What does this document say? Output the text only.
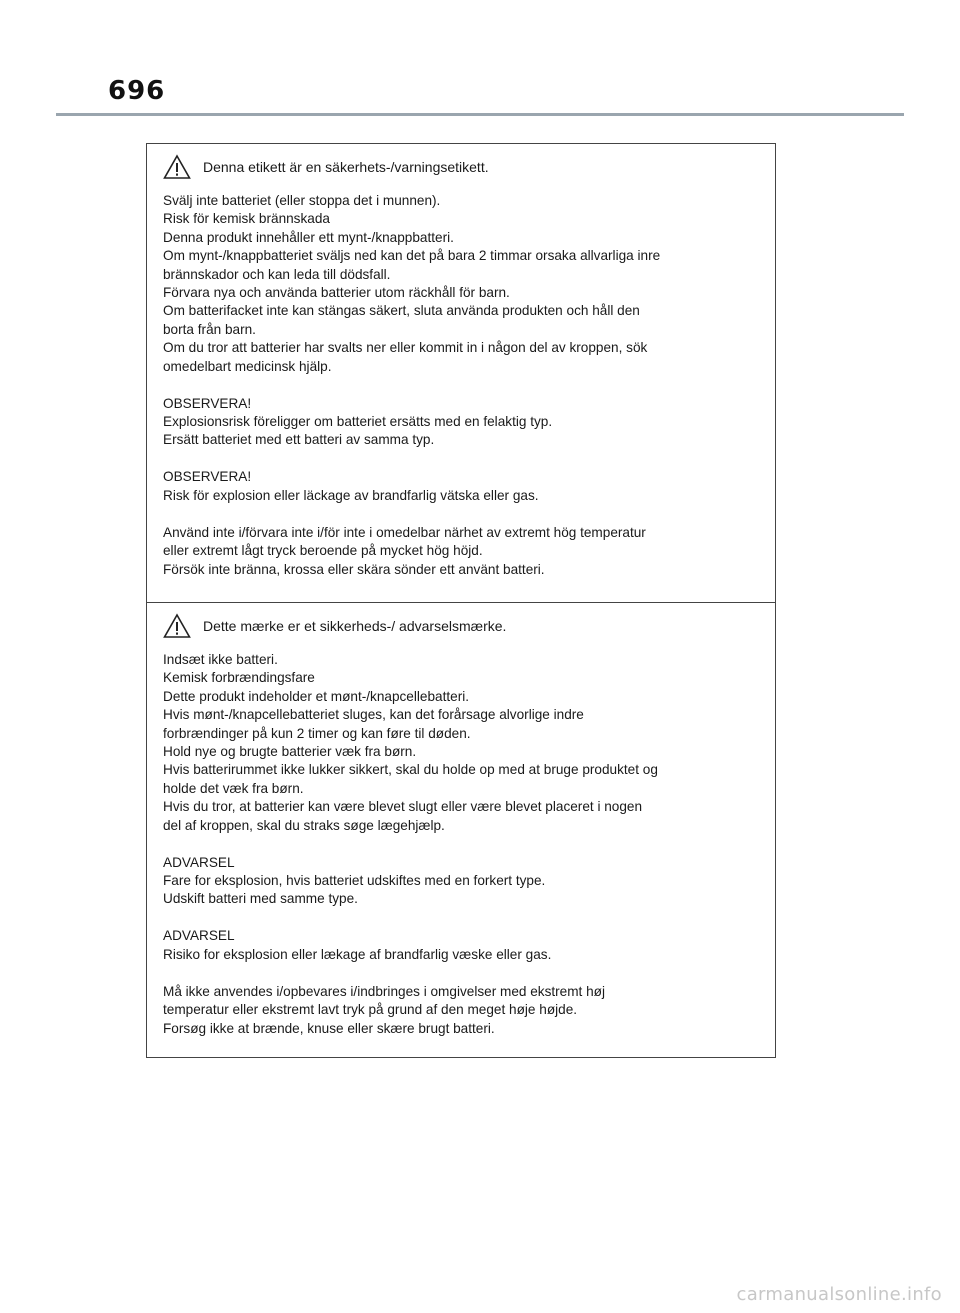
696
Denna etikett är en säkerhets-/varningsetikett.
Svälj inte batteriet (eller stoppa det i munnen).
Risk för kemisk brännskada
Denna produkt innehåller ett mynt-/knappbatteri.
Om mynt-/knappbatteriet sväljs ned kan det på bara 2 timmar orsaka allvarliga inre
brännskador och kan leda till dödsfall.
Förvara nya och använda batterier utom räckhåll för barn.
Om batterifacket inte kan stängas säkert, sluta använda produkten och håll den
borta från barn.
Om du tror att batterier har svalts ner eller kommit in i någon del av kroppen, sök
omedelbart medicinsk hjälp.
OBSERVERA!
Explosionsrisk föreligger om batteriet ersätts med en felaktig typ.
Ersätt batteriet med ett batteri av samma typ.
OBSERVERA!
Risk för explosion eller läckage av brandfarlig vätska eller gas.
Använd inte i/förvara inte i/för inte i omedelbar närhet av extremt hög temperatur
eller extremt lågt tryck beroende på mycket hög höjd.
Försök inte bränna, krossa eller skära sönder ett använt batteri.
Dette mærke er et sikkerheds-/ advarselsmærke.
Indsæt ikke batteri.
Kemisk forbrændingsfare
Dette produkt indeholder et mønt-/knapcellebatteri.
Hvis mønt-/knapcellebatteriet sluges, kan det forårsage alvorlige indre
forbrændinger på kun 2 timer og kan føre til døden.
Hold nye og brugte batterier væk fra børn.
Hvis batterirummet ikke lukker sikkert, skal du holde op med at bruge produktet og
holde det væk fra børn.
Hvis du tror, at batterier kan være blevet slugt eller være blevet placeret i nogen
del af kroppen, skal du straks søge lægehjælp.
ADVARSEL
Fare for eksplosion, hvis batteriet udskiftes med en forkert type.
Udskift batteri med samme type.
ADVARSEL
Risiko for eksplosion eller lækage af brandfarlig væske eller gas.
Må ikke anvendes i/opbevares i/indbringes i omgivelser med ekstremt høj
temperatur eller ekstremt lavt tryk på grund af den meget høje højde.
Forsøg ikke at brænde, knuse eller skære brugt batteri.
carmanualsonline.info
